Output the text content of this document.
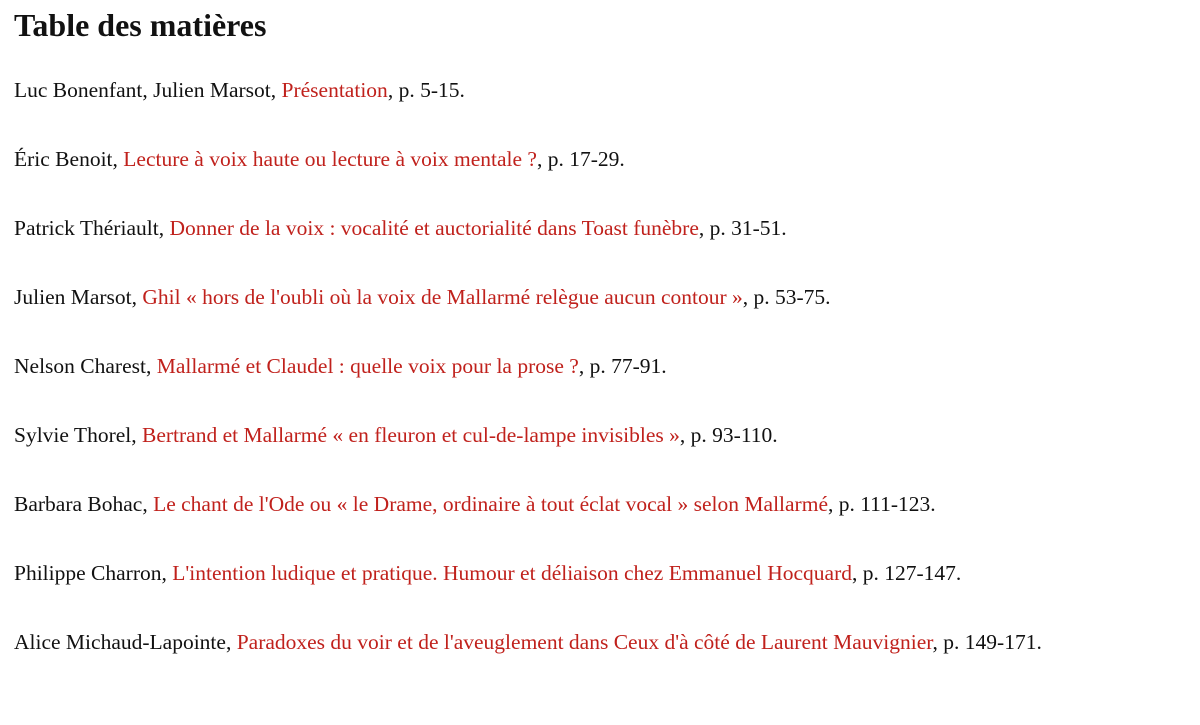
Table des matières

Luc Bonenfant, Julien Marsot, Présentation, p. 5-15.

Éric Benoit, Lecture à voix haute ou lecture à voix mentale ?, p. 17-29.

Patrick Thériault, Donner de la voix : vocalité et auctorialité dans Toast funèbre, p. 31-51.

Julien Marsot, Ghil « hors de l'oubli où la voix de Mallarmé relègue aucun contour », p. 53-75.

Nelson Charest, Mallarmé et Claudel : quelle voix pour la prose ?, p. 77-91.

Sylvie Thorel, Bertrand et Mallarmé « en fleuron et cul-de-lampe invisibles », p. 93-110.

Barbara Bohac, Le chant de l'Ode ou « le Drame, ordinaire à tout éclat vocal » selon Mallarmé, p. 111-123.

Philippe Charron, L'intention ludique et pratique. Humour et déliaison chez Emmanuel Hocquard, p. 127-147.

Alice Michaud-Lapointe, Paradoxes du voir et de l'aveuglement dans Ceux d'à côté de Laurent Mauvignier, p. 149-171.
